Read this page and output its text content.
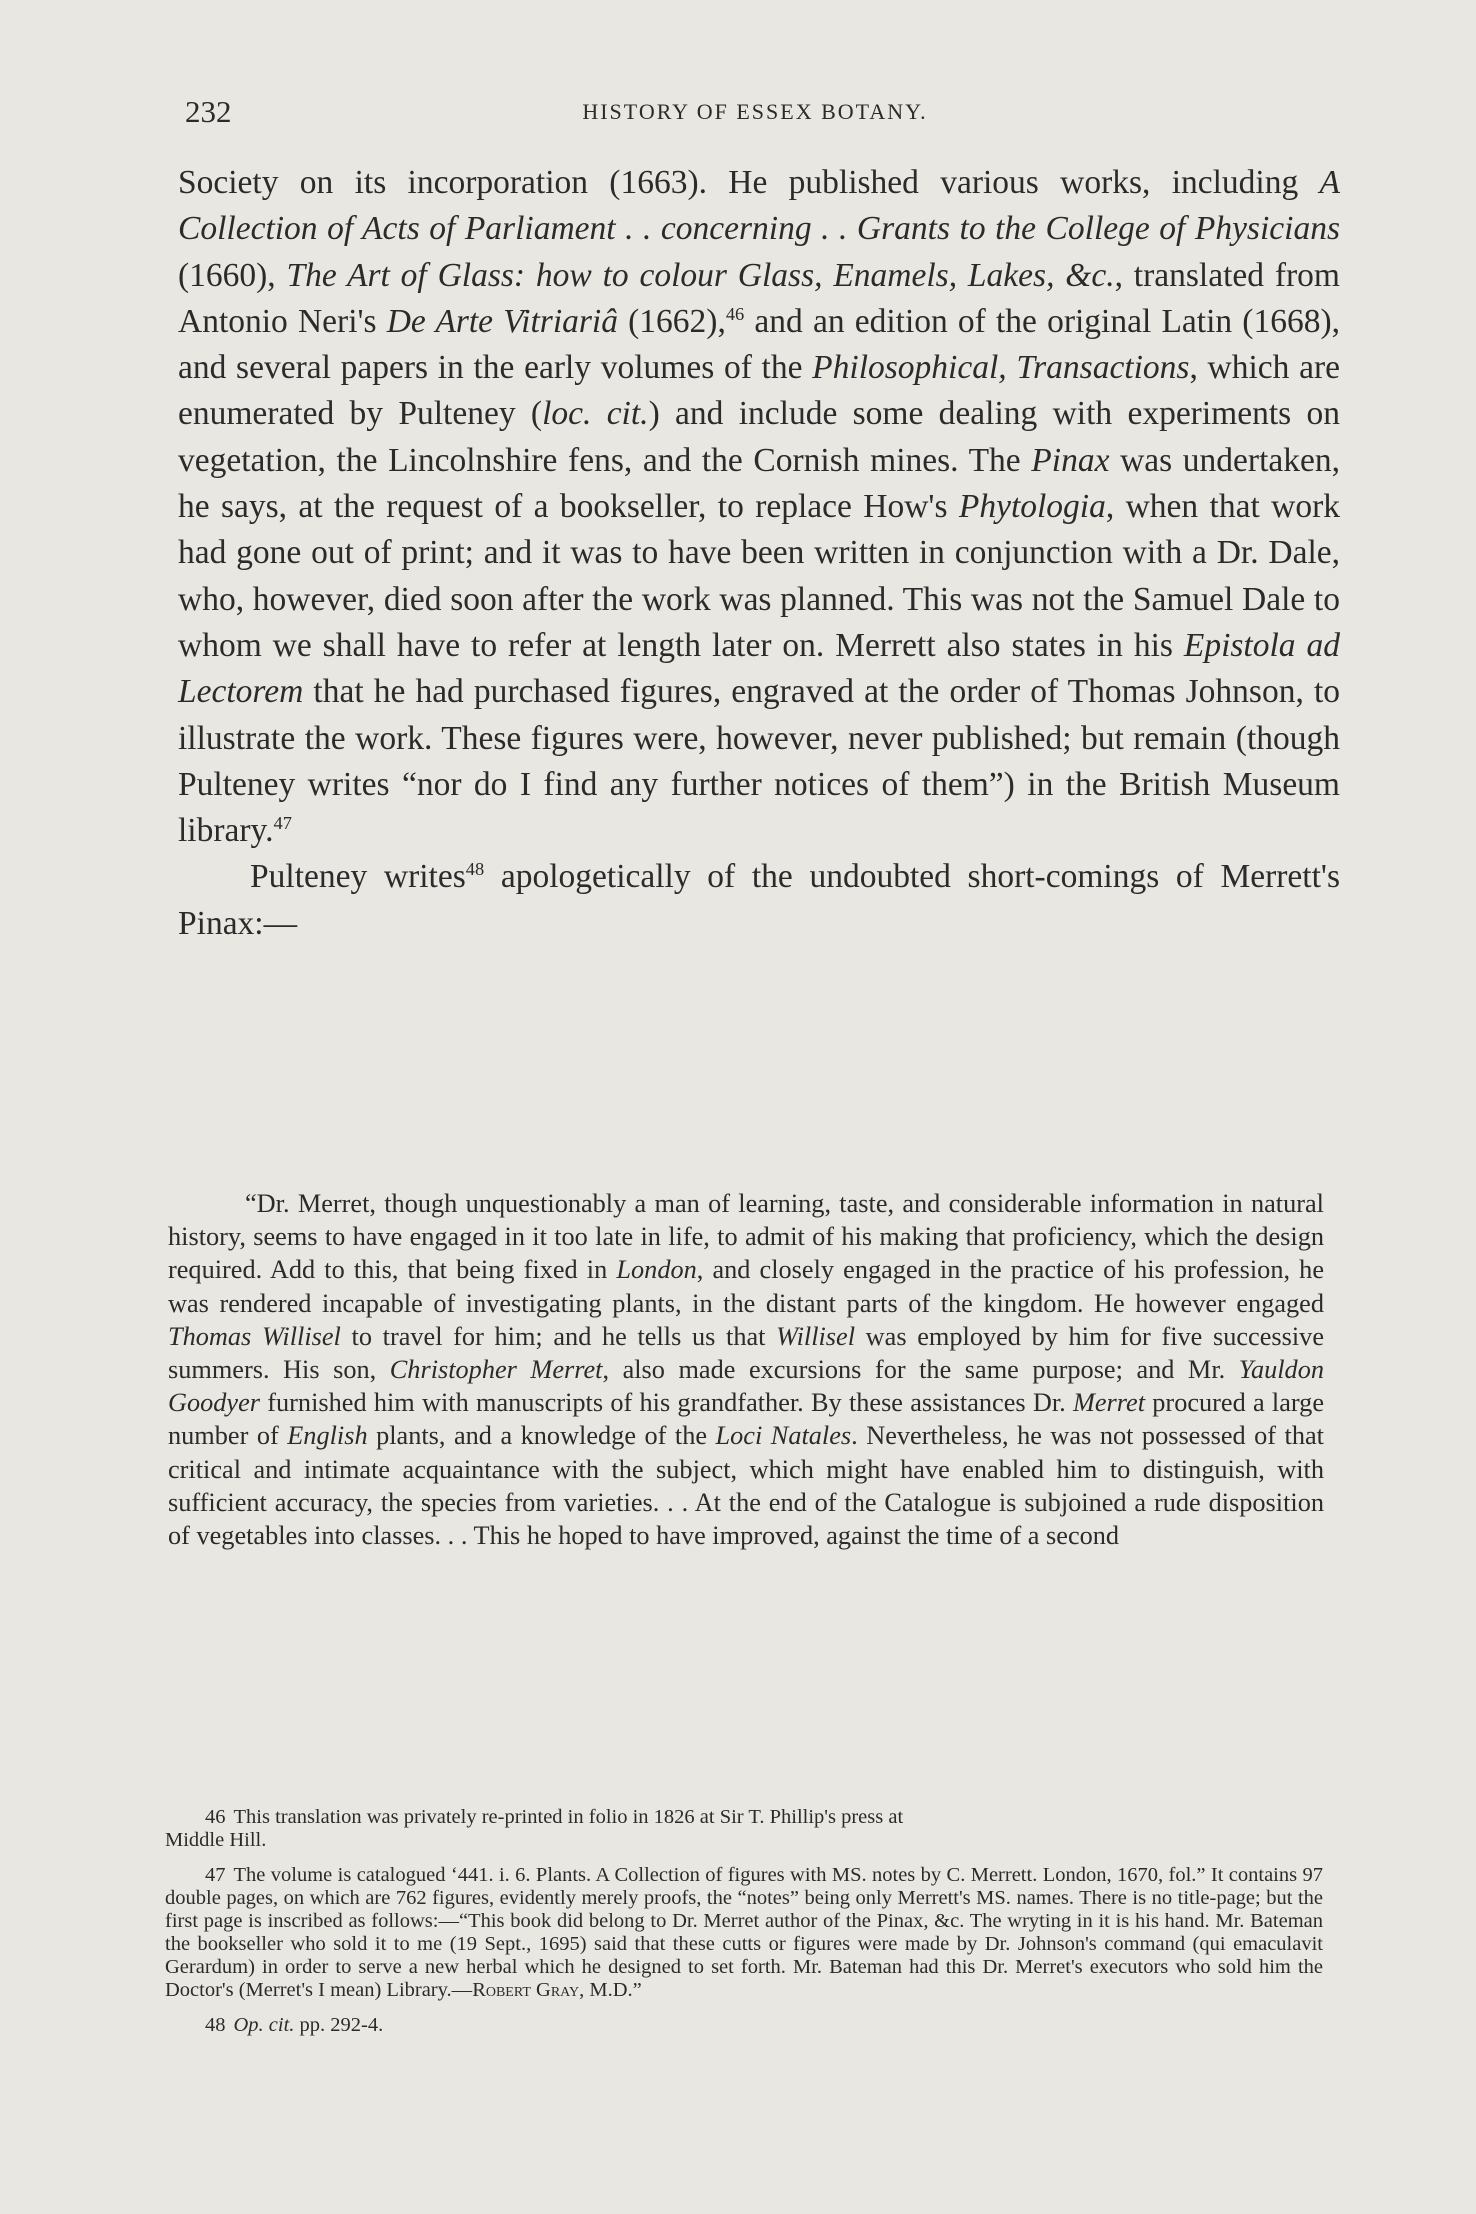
232	HISTORY OF ESSEX BOTANY.

Society on its incorporation (1663). He published various works, including A Collection of Acts of Parliament . . concerning . . Grants to the College of Physicians (1660), The Art of Glass: how to colour Glass, Enamels, Lakes, &c., translated from Antonio Neri's De Arte Vitriariâ (1662),$^{46}$ and an edition of the original Latin (1668), and several papers in the early volumes of the Philosophical, Transactions, which are enumerated by Pulteney (loc. cit.) and include some dealing with experiments on vegetation, the Lincolnshire fens, and the Cornish mines. The Pinax was undertaken, he says, at the request of a bookseller, to replace How's Phytologia, when that work had gone out of print; and it was to have been written in conjunction with a Dr. Dale, who, however, died soon after the work was planned. This was not the Samuel Dale to whom we shall have to refer at length later on. Merrett also states in his Epistola ad Lectorem that he had purchased figures, engraved at the order of Thomas Johnson, to illustrate the work. These figures were, however, never published; but remain (though Pulteney writes “nor do I find any further notices of them”) in the British Museum library.$^{47}$

Pulteney writes$^{48}$ apologetically of the undoubted short-comings of Merrett's Pinax:—

“Dr. Merret, though unquestionably a man of learning, taste, and considerable information in natural history, seems to have engaged in it too late in life, to admit of his making that proficiency, which the design required. Add to this, that being fixed in London, and closely engaged in the practice of his profession, he was rendered incapable of investigating plants, in the distant parts of the kingdom. He however engaged Thomas Willisel to travel for him; and he tells us that Willisel was employed by him for five successive summers. His son, Christopher Merret, also made excursions for the same purpose; and Mr. Yauldon Goodyer furnished him with manuscripts of his grandfather. By these assistances Dr. Merret procured a large number of English plants, and a knowledge of the Loci Natales. Nevertheless, he was not possessed of that critical and intimate acquaintance with the subject, which might have enabled him to distinguish, with sufficient accuracy, the species from varieties. . . At the end of the Catalogue is subjoined a rude disposition of vegetables into classes. . . This he hoped to have improved, against the time of a second

46 This translation was privately re-printed in folio in 1826 at Sir T. Phillip's press at
Middle Hill.
47 The volume is catalogued ‘441. i. 6. Plants. A Collection of figures with MS. notes by C. Merrett. London, 1670, fol.” It contains 97 double pages, on which are 762 figures, evidently merely proofs, the “notes” being only Merrett's MS. names. There is no title-page; but the first page is inscribed as follows:—“This book did belong to Dr. Merret author of the Pinax, &c. The wryting in it is his hand. Mr. Bateman the bookseller who sold it to me (19 Sept., 1695) said that these cutts or figures were made by Dr. Johnson's command (qui emaculavit Gerardum) in order to serve a new herbal which he designed to set forth. Mr. Bateman had this Dr. Merret's executors who sold him the Doctor's (Merret's I mean) Library.—Robert Gray, M.D.”
48 Op. cit. pp. 292-4.
